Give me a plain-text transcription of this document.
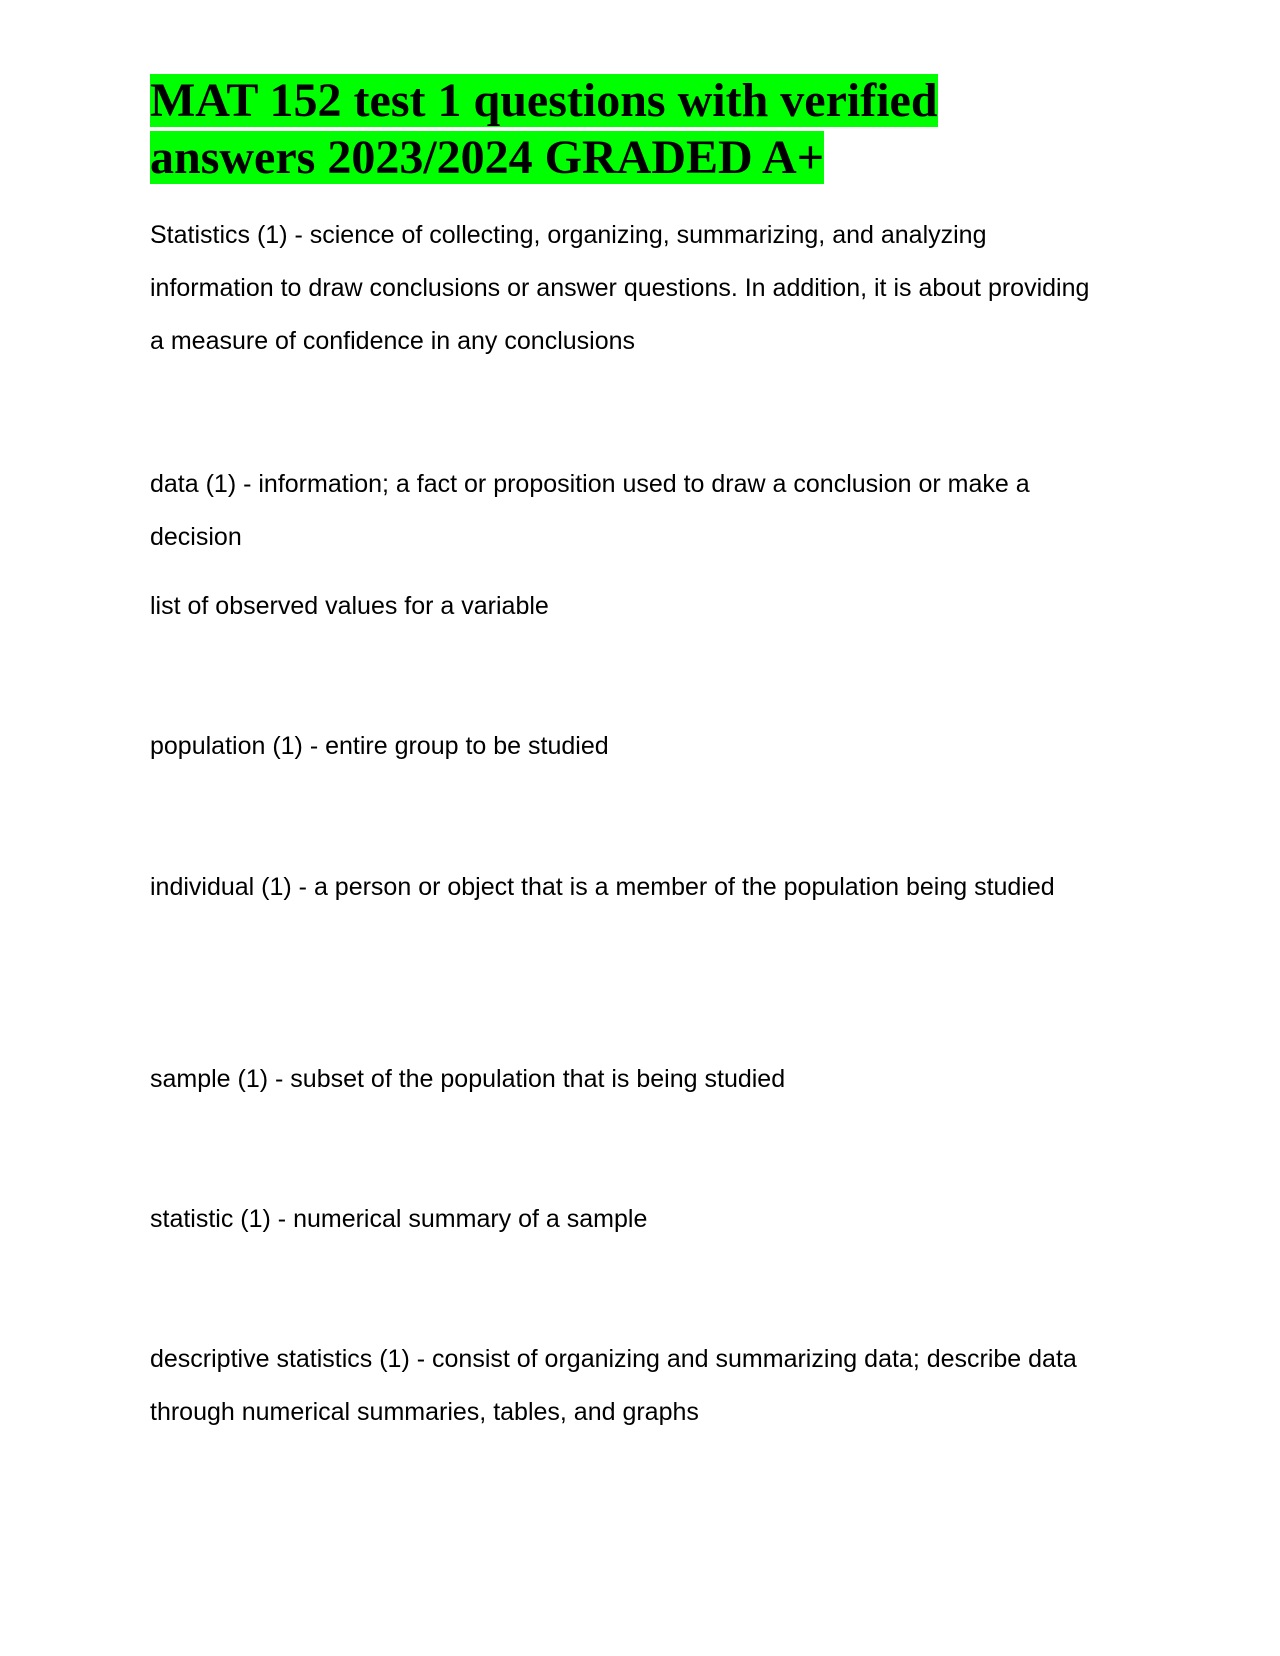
MAT 152 test 1 questions with verified answers 2023/2024 GRADED A+

Statistics (1) - science of collecting, organizing, summarizing, and analyzing information to draw conclusions or answer questions. In addition, it is about providing a measure of confidence in any conclusions

data (1) - information; a fact or proposition used to draw a conclusion or make a decision

list of observed values for a variable

population (1) - entire group to be studied

individual (1) - a person or object that is a member of the population being studied

sample (1) - subset of the population that is being studied

statistic (1) - numerical summary of a sample

descriptive statistics (1) - consist of organizing and summarizing data; describe data through numerical summaries, tables, and graphs
